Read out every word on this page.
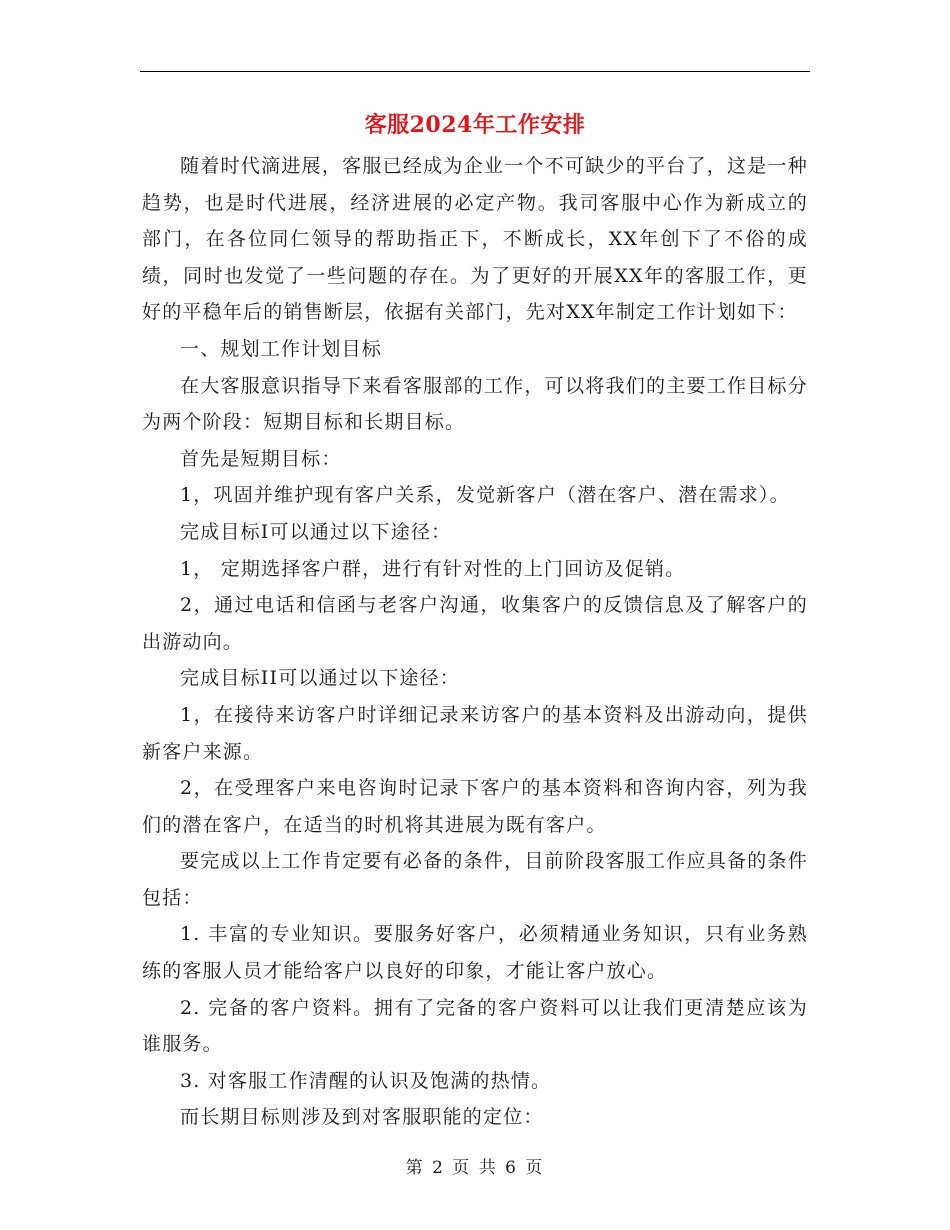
客服2024年工作安排

随着时代滴进展，客服已经成为企业一个不可缺少的平台了，这是一种趋势，也是时代进展，经济进展的必定产物。我司客服中心作为新成立的部门，在各位同仁领导的帮助指正下，不断成长，XX年创下了不俗的成绩，同时也发觉了一些问题的存在。为了更好的开展XX年的客服工作，更好的平稳年后的销售断层，依据有关部门，先对XX年制定工作计划如下：

一、规划工作计划目标

在大客服意识指导下来看客服部的工作，可以将我们的主要工作目标分为两个阶段：短期目标和长期目标。

首先是短期目标：

1，巩固并维护现有客户关系，发觉新客户（潜在客户、潜在需求）。

完成目标I可以通过以下途径：

1， 定期选择客户群，进行有针对性的上门回访及促销。

2，通过电话和信函与老客户沟通，收集客户的反馈信息及了解客户的出游动向。

完成目标II可以通过以下途径：

1，在接待来访客户时详细记录来访客户的基本资料及出游动向，提供新客户来源。

2，在受理客户来电咨询时记录下客户的基本资料和咨询内容，列为我们的潜在客户，在适当的时机将其进展为既有客户。

要完成以上工作肯定要有必备的条件，目前阶段客服工作应具备的条件包括：

1. 丰富的专业知识。要服务好客户，必须精通业务知识，只有业务熟练的客服人员才能给客户以良好的印象，才能让客户放心。

2. 完备的客户资料。拥有了完备的客户资料可以让我们更清楚应该为谁服务。

3. 对客服工作清醒的认识及饱满的热情。

而长期目标则涉及到对客服职能的定位：

第 2 页 共 6 页
